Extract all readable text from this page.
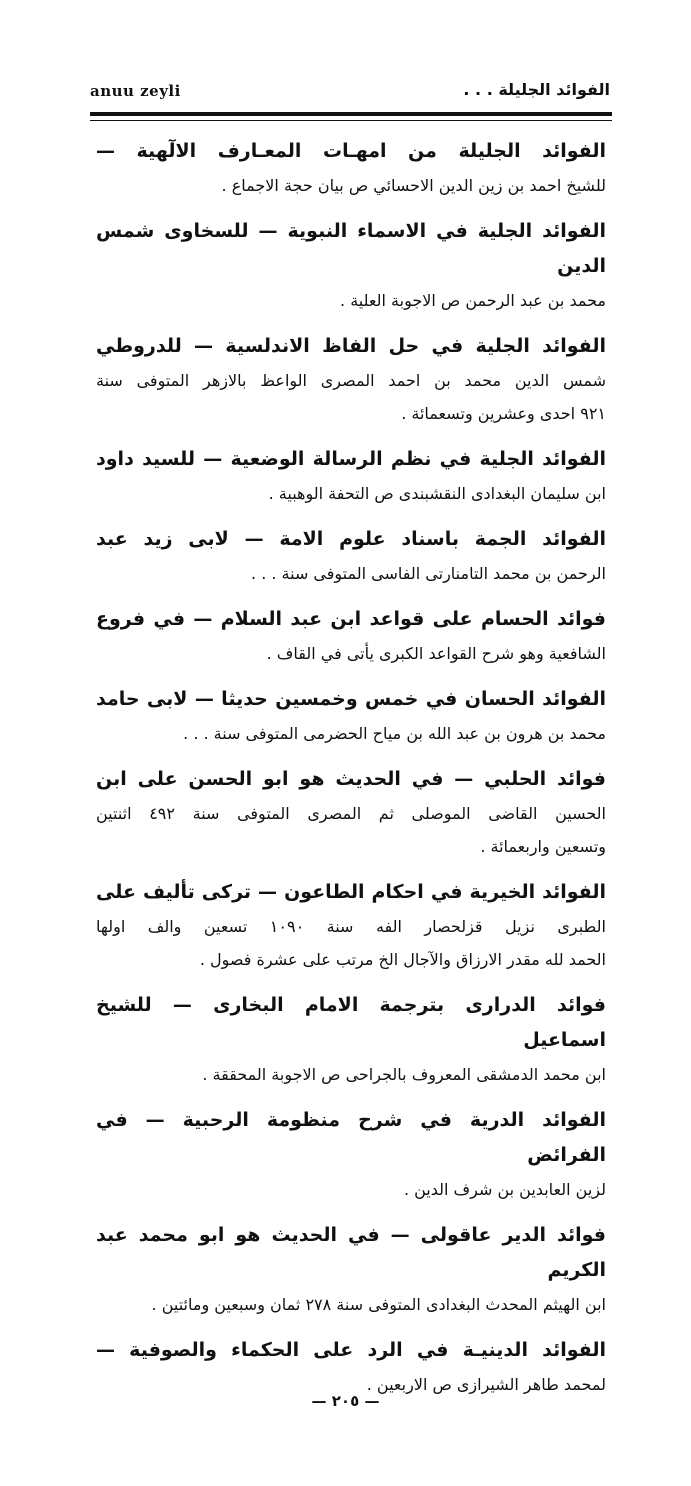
anuu zeyli	الفوائد الجليلة . . .
الفوائد الجليلة من امهـات المعـارف الالٓهية —
للشيخ احمد بن زين الدين الاحسائي ص بيان حجة الاجماع .
الفوائد الجلية في الاسماء النبوية — للسخاوى شمس الدين
محمد بن عبد الرحمن ص الاجوبة العلية .
الفوائد الجلية في حل الفاظ الاندلسية — للدروطي
شمس الدين محمد بن احمد المصرى الواعظ بالازهر المتوفى سنة
٩٢١ احدى وعشرين وتسعمائة .
الفوائد الجلية في نظم الرسالة الوضعية — للسيد داود
ابن سليمان البغدادى النقشبندى ص التحفة الوهبية .
الفوائد الجمة باسناد علوم الامة — لابى زيد عبد
الرحمن بن محمد التامنارتى الفاسى المتوفى سنة . . .
فوائد الحسام على قواعد ابن عبد السلام — في فروع
الشافعية وهو شرح القواعد الكبرى يأتى في القاف .
الفوائد الحسان في خمس وخمسين حديثا — لابى حامد
محمد بن هرون بن عبد الله بن مياح الحضرمى المتوفى سنة . . .
فوائد الحلبي — في الحديث هو ابو الحسن على ابن
الحسين القاضى الموصلى ثم المصرى المتوفى سنة ٤٩٢ اثنتين
وتسعين واربعمائة .
الفوائد الخيرية في احكام الطاعون — تركى تأليف على
الطبرى نزيل قزلحصار الفه سنة ١٠٩٠ تسعين والف اولها
الحمد لله مقدر الارزاق والآجال الخ مرتب على عشرة فصول .
فوائد الدرارى بترجمة الامام البخارى — للشيخ اسماعيل
ابن محمد الدمشقى المعروف بالجراحى ص الاجوبة المحققة .
الفوائد الدرية في شرح منظومة الرحبية — في الفرائض
لزين العابدين بن شرف الدين .
فوائد الدير عاقولى — في الحديث هو ابو محمد عبد الكريم
ابن الهيثم المحدث البغدادى المتوفى سنة ٢٧٨ ثمان وسبعين ومائتين .
الفوائد الدينيـة في الرد على الحكماء والصوفية —
لمحمد طاهر الشيرازى ص الاربعين .
— ٢٠٥ —
